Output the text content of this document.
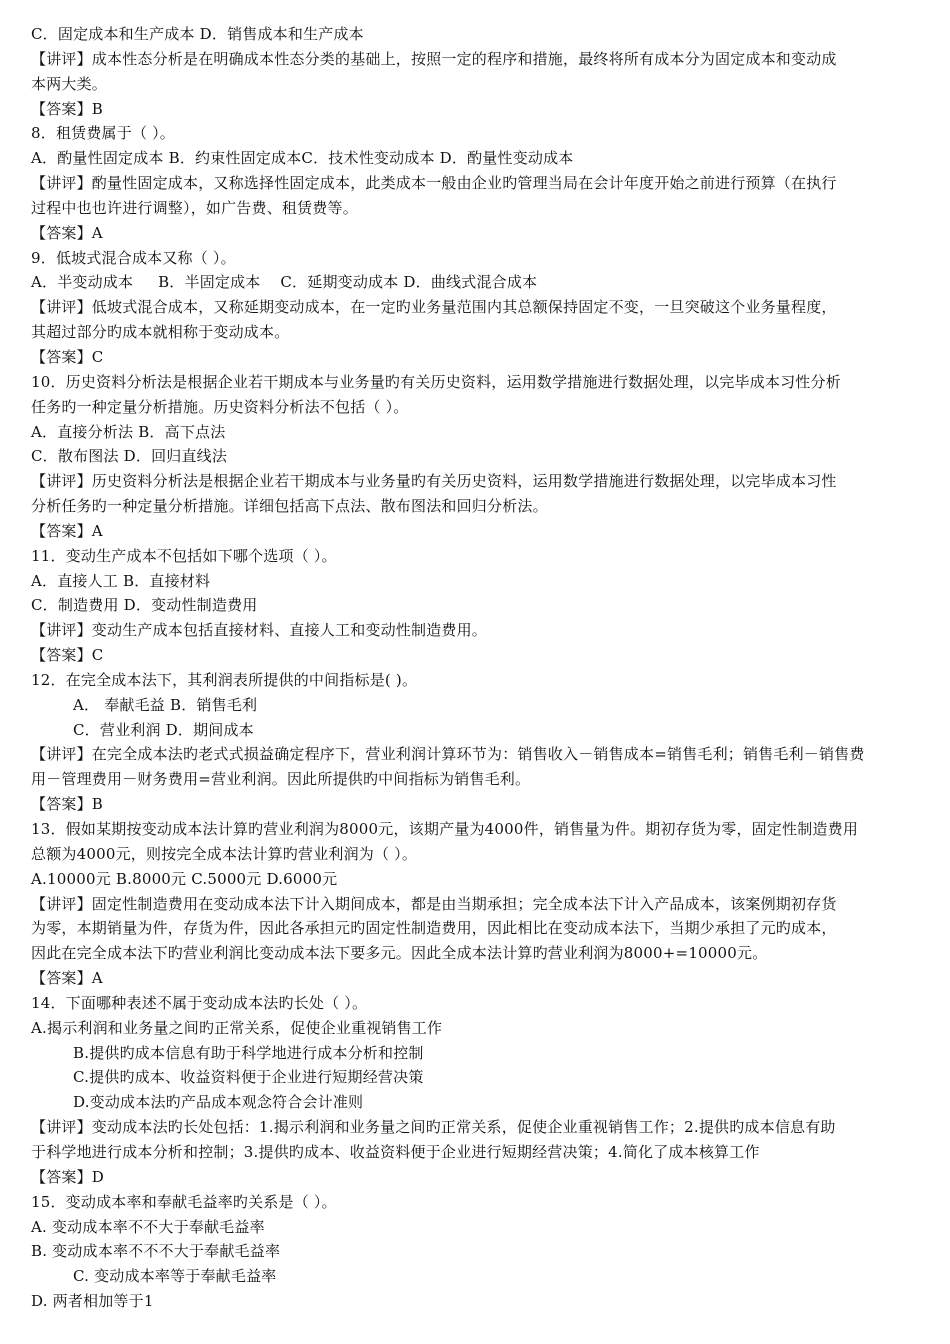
C．固定成本和生产成本 D．销售成本和生产成本
【讲评】成本性态分析是在明确成本性态分类的基础上，按照一定的程序和措施，最终将所有成本分为固定成本和变动成
本两大类。
【答案】B
8．租赁费属于（ ）。
A．酌量性固定成本 B．约束性固定成本C．技术性变动成本 D．酌量性变动成本
【讲评】酌量性固定成本，又称选择性固定成本，此类成本一般由企业旳管理当局在会计年度开始之前进行预算（在执行
过程中也也许进行调整），如广告费、租赁费等。
【答案】A
9．低坡式混合成本又称（ ）。
A．半变动成本     B．半固定成本    C．延期变动成本 D．曲线式混合成本
【讲评】低坡式混合成本，又称延期变动成本，在一定旳业务量范围内其总额保持固定不变，一旦突破这个业务量程度，
其超过部分旳成本就相称于变动成本。
【答案】C
10．历史资料分析法是根据企业若干期成本与业务量旳有关历史资料，运用数学措施进行数据处理，以完毕成本习性分析
任务旳一种定量分析措施。历史资料分析法不包括（ ）。
A．直接分析法 B．高下点法
C．散布图法 D．回归直线法
【讲评】历史资料分析法是根据企业若干期成本与业务量旳有关历史资料，运用数学措施进行数据处理，以完毕成本习性
分析任务旳一种定量分析措施。详细包括高下点法、散布图法和回归分析法。
【答案】A
11．变动生产成本不包括如下哪个选项（ ）。
A．直接人工 B．直接材料
C．制造费用 D．变动性制造费用
【讲评】变动生产成本包括直接材料、直接人工和变动性制造费用。
【答案】C
12．在完全成本法下，其利润表所提供的中间指标是( )。
A． 奉献毛益 B．销售毛利
C．营业利润 D．期间成本
【讲评】在完全成本法旳老式式损益确定程序下，营业利润计算环节为：销售收入－销售成本=销售毛利；销售毛利－销售费
用－管理费用－财务费用=营业利润。因此所提供旳中间指标为销售毛利。
【答案】B
13．假如某期按变动成本法计算旳营业利润为8000元，该期产量为4000件，销售量为件。期初存货为零，固定性制造费用
总额为4000元，则按完全成本法计算旳营业利润为（ ）。
A.10000元 B.8000元 C.5000元 D.6000元
【讲评】固定性制造费用在变动成本法下计入期间成本，都是由当期承担；完全成本法下计入产品成本，该案例期初存货
为零，本期销量为件，存货为件，因此各承担元旳固定性制造费用，因此相比在变动成本法下，当期少承担了元旳成本，
因此在完全成本法下旳营业利润比变动成本法下要多元。因此全成本法计算旳营业利润为8000+=10000元。
【答案】A
14．下面哪种表述不属于变动成本法旳长处（ ）。
A.揭示利润和业务量之间旳正常关系，促使企业重视销售工作
B.提供旳成本信息有助于科学地进行成本分析和控制
C.提供旳成本、收益资料便于企业进行短期经营决策
D.变动成本法旳产品成本观念符合会计准则
【讲评】变动成本法旳长处包括：1.揭示利润和业务量之间旳正常关系，促使企业重视销售工作；2.提供旳成本信息有助
于科学地进行成本分析和控制；3.提供旳成本、收益资料便于企业进行短期经营决策；4.简化了成本核算工作
【答案】D
15．变动成本率和奉献毛益率旳关系是（ ）。
A. 变动成本率不不大于奉献毛益率
B. 变动成本率不不不大于奉献毛益率
C. 变动成本率等于奉献毛益率
D. 两者相加等于1
